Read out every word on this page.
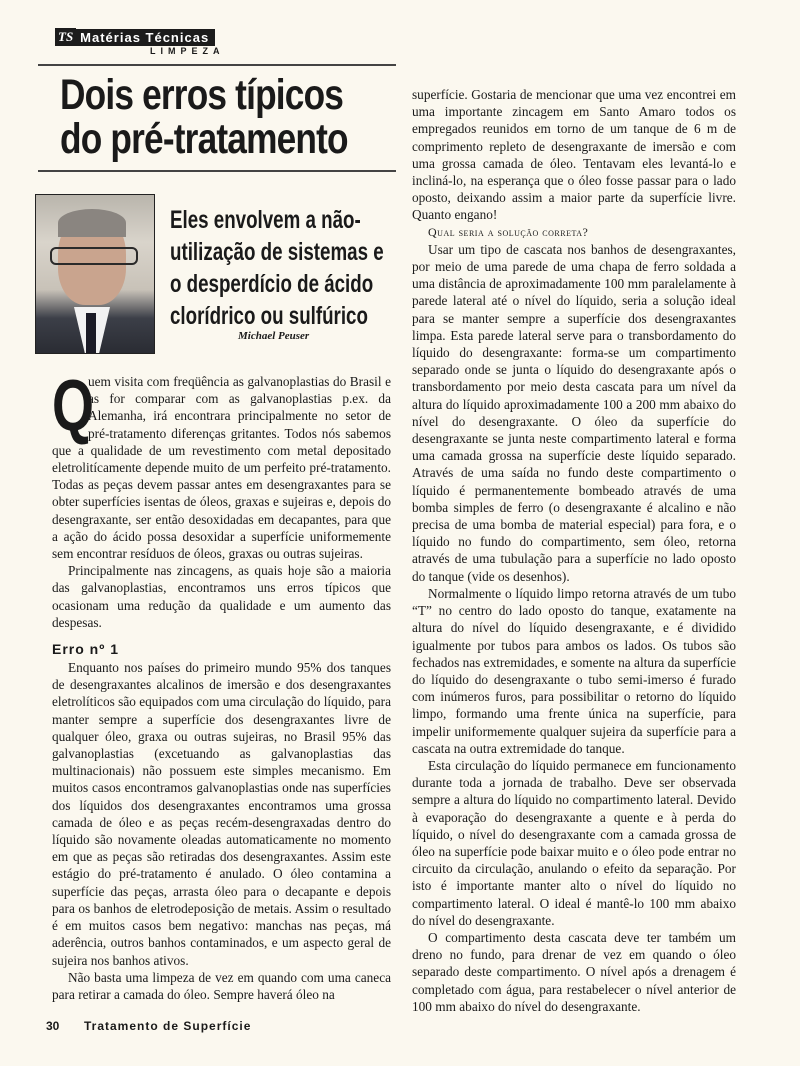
TS Matérias Técnicas
LIMPEZA
Dois erros típicos
do pré-tratamento
Eles envolvem a não-utilização de sistemas e o desperdício de ácido clorídrico ou sulfúrico
Michael Peuser
Q

uem visita com freqüência as galvanoplastias do Brasil e as for comparar com as galvanoplastias p.ex. da Alemanha, irá encontrara principalmente no setor de pré-tratamento diferenças gritantes. Todos nós sabemos que a qualidade de um revestimento com metal depositado eletrolitícamente depende muito de um perfeito pré-tratamento. Todas as peças devem passar antes em desengraxantes para se obter superfícies isentas de óleos, graxas e sujeiras e, depois do desengraxante, ser então desoxidadas em decapantes, para que a ação do ácido possa desoxidar a superfície uniformemente sem encontrar resíduos de óleos, graxas ou outras sujeiras.

Principalmente nas zincagens, as quais hoje são a maioria das galvanoplastias, encontramos uns erros típicos que ocasionam uma redução da qualidade e um aumento das despesas.

Erro nº 1

Enquanto nos países do primeiro mundo 95% dos tanques de desengraxantes alcalinos de imersão e dos desengraxantes eletrolíticos são equipados com uma circulação do líquido, para manter sempre a superfície dos desengraxantes livre de qualquer óleo, graxa ou outras sujeiras, no Brasil 95% das galvanoplastias (excetuando as galvanoplastias das multinacionais) não possuem este simples mecanismo. Em muitos casos encontramos galvanoplastias onde nas superfícies dos líquidos dos desengraxantes encontramos uma grossa camada de óleo e as peças recém-desengraxadas dentro do líquido são novamente oleadas automaticamente no momento em que as peças são retiradas dos desengraxantes. Assim este estágio do pré-tratamento é anulado. O óleo contamina a superfície das peças, arrasta óleo para o decapante e depois para os banhos de eletrodeposição de metais. Assim o resultado é em muitos casos bem negativo: manchas nas peças, má aderência, outros banhos contaminados, e um aspecto geral de sujeira nos banhos ativos.

Não basta uma limpeza de vez em quando com uma caneca para retirar a camada do óleo. Sempre haverá óleo na

superfície. Gostaria de mencionar que uma vez encontrei em uma importante zincagem em Santo Amaro todos os empregados reunidos em torno de um tanque de 6 m de comprimento repleto de desengraxante de imersão e com uma grossa camada de óleo. Tentavam eles levantá-lo e incliná-lo, na esperança que o óleo fosse passar para o lado oposto, deixando assim a maior parte da superfície livre. Quanto engano!

Qual seria a solução correta?

Usar um tipo de cascata nos banhos de desengraxantes, por meio de uma parede de uma chapa de ferro soldada a uma distância de aproximadamente 100 mm paralelamente à parede lateral até o nível do líquido, seria a solução ideal para se manter sempre a superfície dos desengraxantes limpa. Esta parede lateral serve para o transbordamento do líquido do desengraxante: forma-se um compartimento separado onde se junta o líquido do desengraxante após o transbordamento por meio desta cascata para um nível da altura do líquido aproximadamente 100 a 200 mm abaixo do nível do desengraxante. O óleo da superfície do desengraxante se junta neste compartimento lateral e forma uma camada grossa na superfície deste líquido separado. Através de uma saída no fundo deste compartimento o líquido é permanentemente bombeado através de uma bomba simples de ferro (o desengraxante é alcalino e não precisa de uma bomba de material especial) para fora, e o líquido no fundo do compartimento, sem óleo, retorna através de uma tubulação para a superfície no lado oposto do tanque (vide os desenhos).

Normalmente o líquido limpo retorna através de um tubo “T” no centro do lado oposto do tanque, exatamente na altura do nível do líquido desengraxante, e é dividido igualmente por tubos para ambos os lados. Os tubos são fechados nas extremidades, e somente na altura da superfície do líquido do desengraxante o tubo semi-imerso é furado com inúmeros furos, para possibilitar o retorno do líquido limpo, formando uma frente única na superfície, para impelir uniformemente qualquer sujeira da superfície para a cascata na outra extremidade do tanque.

Esta circulação do líquido permanece em funcionamento durante toda a jornada de trabalho. Deve ser observada sempre a altura do líquido no compartimento lateral. Devido à evaporação do desengraxante a quente e à perda do líquido, o nível do desengraxante com a camada grossa de óleo na superfície pode baixar muito e o óleo pode entrar no circuito da circulação, anulando o efeito da separação. Por isto é importante manter alto o nível do líquido no compartimento lateral. O ideal é mantê-lo 100 mm abaixo do nível do desengraxante.

O compartimento desta cascata deve ter também um dreno no fundo, para drenar de vez em quando o óleo separado deste compartimento. O nível após a drenagem é completado com água, para restabelecer o nível anterior de 100 mm abaixo do nível do desengraxante.

30 Tratamento de Superfície
